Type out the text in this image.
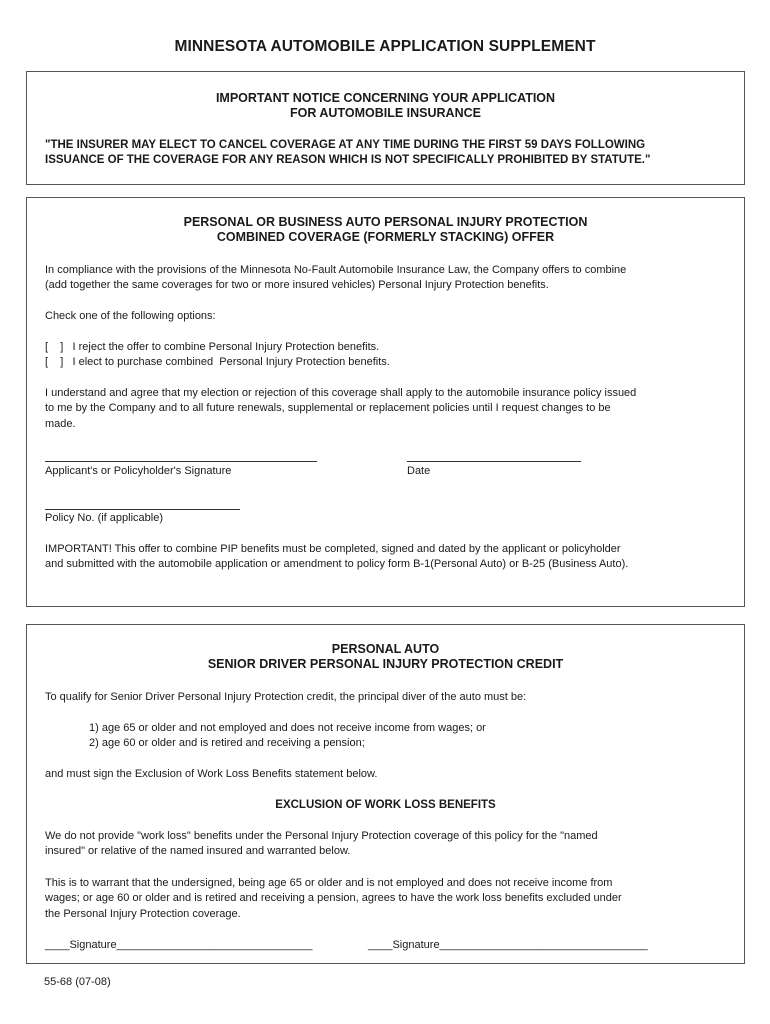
MINNESOTA AUTOMOBILE APPLICATION SUPPLEMENT
IMPORTANT NOTICE CONCERNING YOUR APPLICATION
FOR AUTOMOBILE INSURANCE
"THE INSURER MAY ELECT TO CANCEL COVERAGE AT ANY TIME DURING THE FIRST 59 DAYS FOLLOWING
ISSUANCE OF THE COVERAGE FOR ANY REASON WHICH IS NOT SPECIFICALLY PROHIBITED BY STATUTE."
PERSONAL OR BUSINESS AUTO PERSONAL INJURY PROTECTION
COMBINED COVERAGE (FORMERLY STACKING) OFFER
In compliance with the provisions of the Minnesota No-Fault Automobile Insurance Law, the Company offers to combine
(add together the same coverages for two or more insured vehicles) Personal Injury Protection benefits.
Check one of the following options:
[    ]   I reject the offer to combine Personal Injury Protection benefits.
[    ]   I elect to purchase combined  Personal Injury Protection benefits.
I understand and agree that my election or rejection of this coverage shall apply to the automobile insurance policy issued
to me by the Company and to all future renewals, supplemental or replacement policies until I request changes to be
made.
Applicant's or Policyholder's Signature	Date
Policy No. (if applicable)
IMPORTANT! This offer to combine PIP benefits must be completed, signed and dated by the applicant or policyholder
and submitted with the automobile application or amendment to policy form B-1(Personal Auto) or B-25 (Business Auto).
PERSONAL AUTO
SENIOR DRIVER PERSONAL INJURY PROTECTION CREDIT
To qualify for Senior Driver Personal Injury Protection credit, the principal diver of the auto must be:
1) age 65 or older and not employed and does not receive income from wages; or
2) age 60 or older and is retired and receiving a pension;
and must sign the Exclusion of Work Loss Benefits statement below.
EXCLUSION OF WORK LOSS BENEFITS
We do not provide "work loss" benefits under the Personal Injury Protection coverage of this policy for the "named
insured" or relative of the named insured and warranted below.
This is to warrant that the undersigned, being age 65 or older and is not employed and does not receive income from
wages; or age 60 or older and is retired and receiving a pension, agrees to have the work loss benefits excluded under
the Personal Injury Protection coverage.
____Signature________________________________	____Signature__________________________________
55-68 (07-08)
